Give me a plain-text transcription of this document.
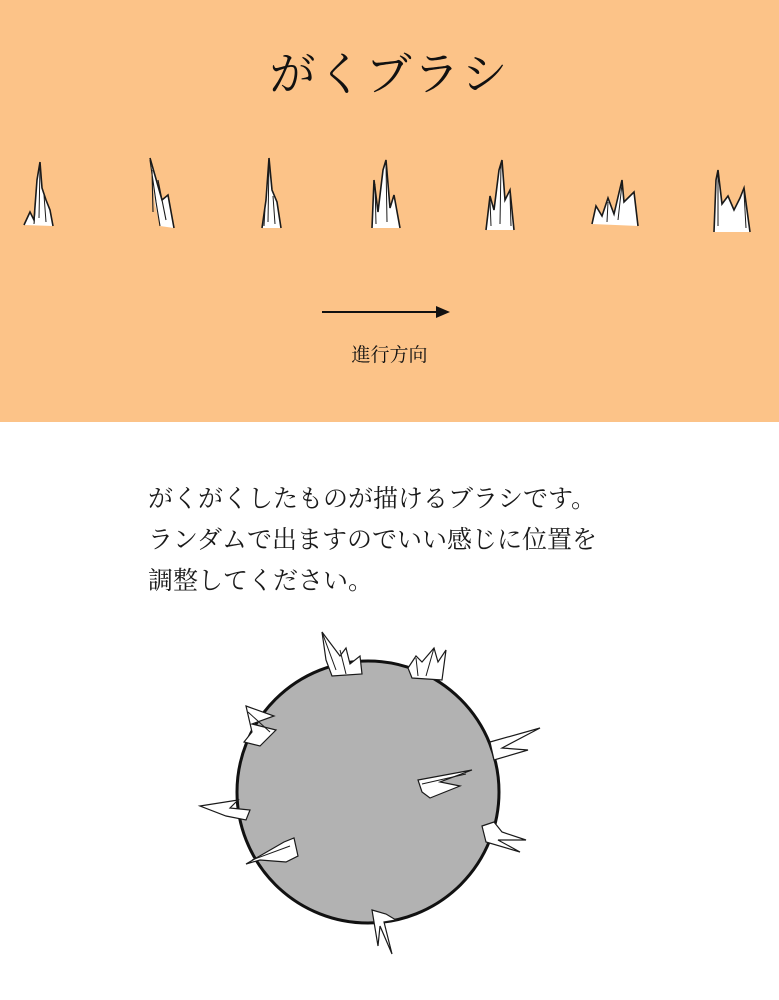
がくブラシ
進行方向
がくがくしたものが描けるブラシです。
ランダムで出ますのでいい感じに位置を
調整してください。
